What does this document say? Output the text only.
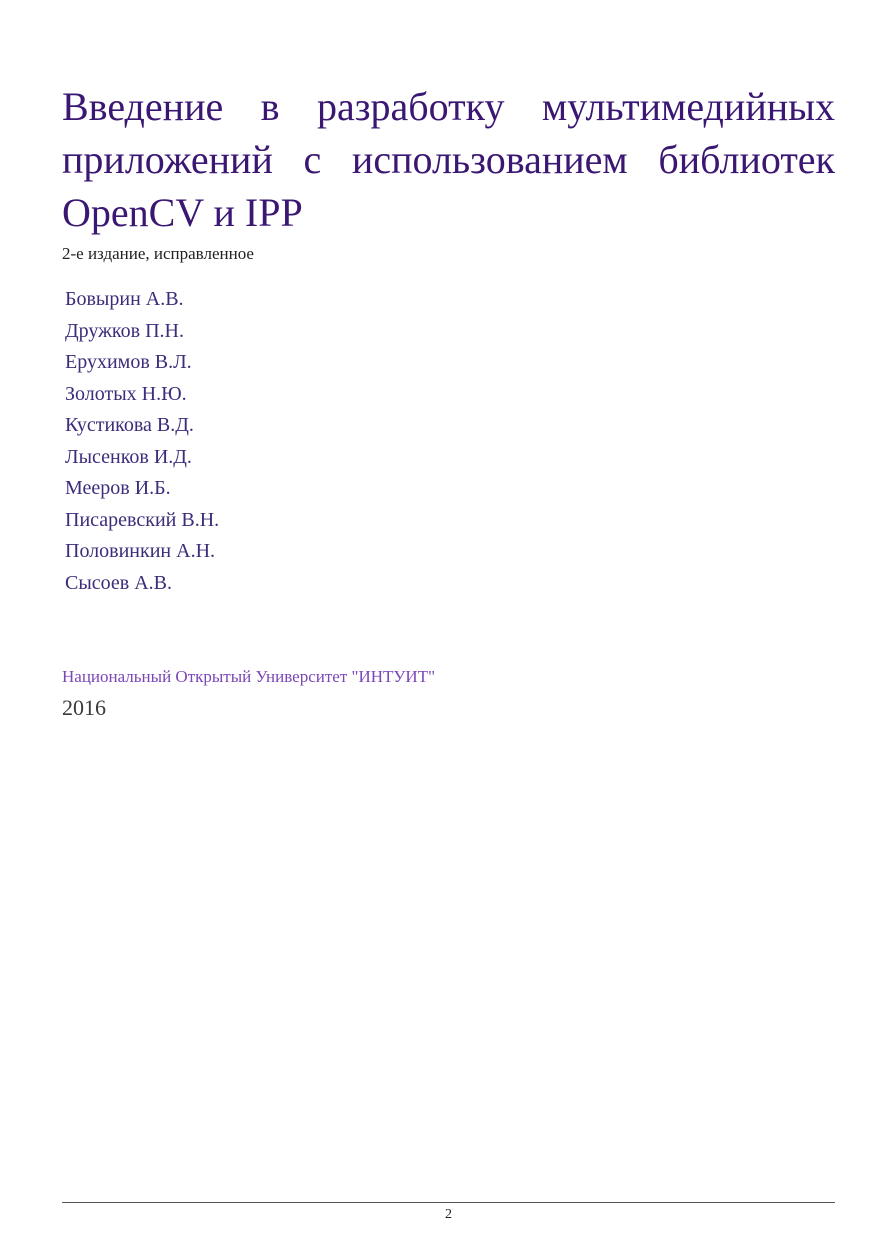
Введение в разработку мультимедийных приложений с использованием библиотек OpenCV и IPP

2-е издание, исправленное

Бовырин А.В.
Дружков П.Н.
Ерухимов В.Л.
Золотых Н.Ю.
Кустикова В.Д.
Лысенков И.Д.
Мееров И.Б.
Писаревский В.Н.
Половинкин А.Н.
Сысоев А.В.

Национальный Открытый Университет "ИНТУИТ"

2016

2
